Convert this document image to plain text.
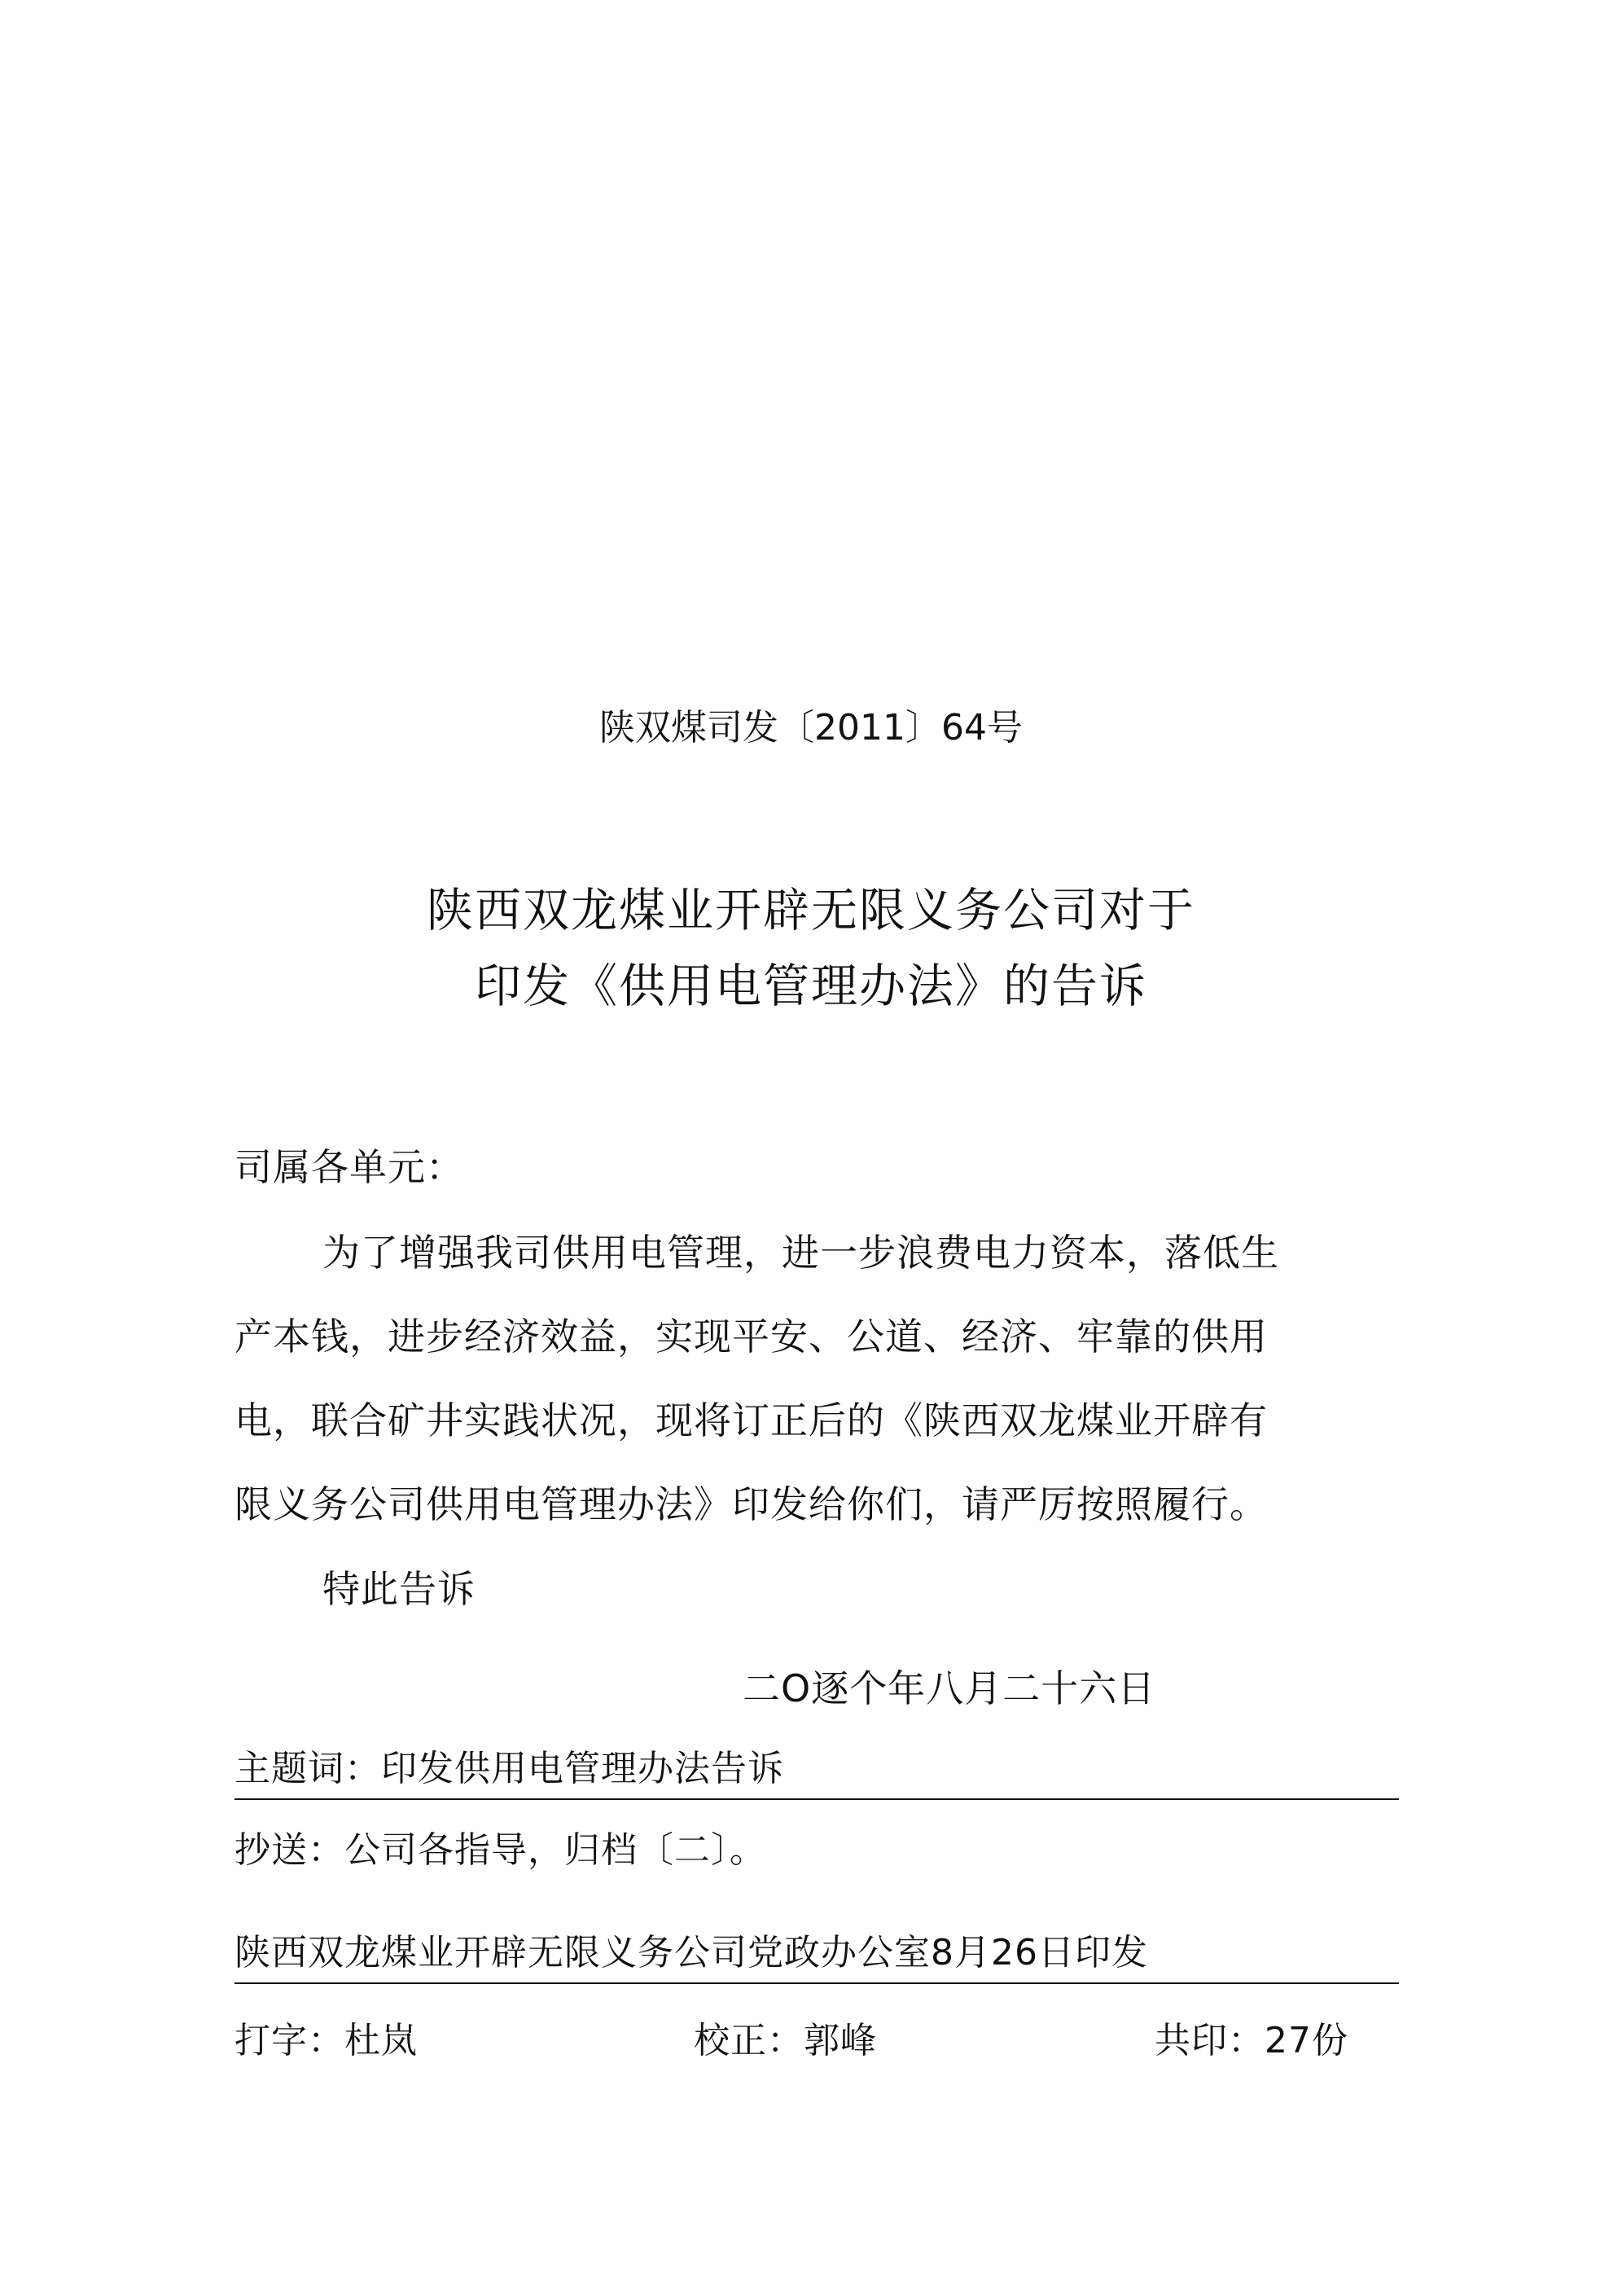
陕双煤司发〔2011〕64号
陕西双龙煤业开辟无限义务公司对于
印发《供用电管理办法》的告诉
司属各单元：
为了增强我司供用电管理，进一步浪费电力资本，落低生
产本钱，进步经济效益，实现平安、公道、经济、牢靠的供用
电，联合矿井实践状况，现将订正后的《陕西双龙煤业开辟有
限义务公司供用电管理办法》印发给你们，请严厉按照履行。
特此告诉
二O逐个年八月二十六日
主题词：印发供用电管理办法告诉
抄送：公司各指导，归档〔二〕。
陕西双龙煤业开辟无限义务公司党政办公室8月26日印发
打字：杜岚	校正：郭峰	共印：27份
